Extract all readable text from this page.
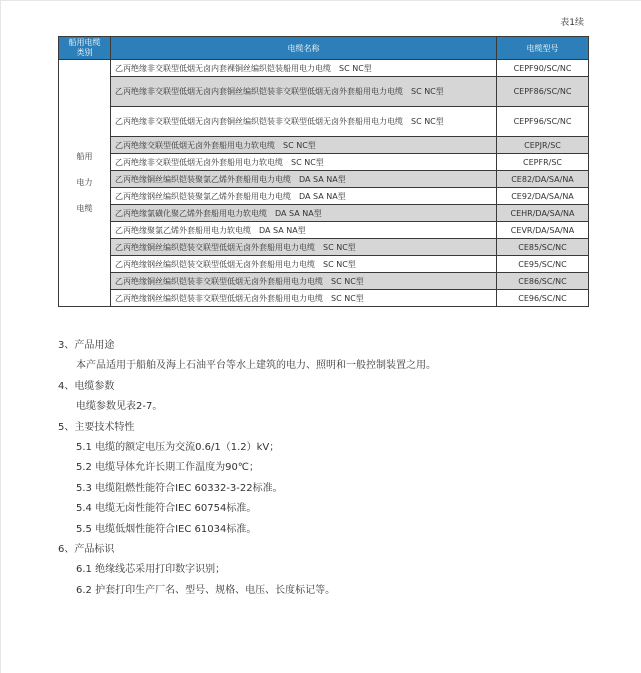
表1续
船用电缆
类别	电缆名称	电缆型号

船用
电力
电缆	乙丙绝缘非交联型低烟无卤内套裸铜丝编织铠装船用电力电缆　SC NC型	CEPF90/SC/NC
	乙丙绝缘非交联型低烟无卤内套铜丝编织铠装非交联型低烟无卤外套船用电力电缆　SC NC型	CEPF86/SC/NC
	乙丙绝缘非交联型低烟无卤内套铜丝编织铠装非交联型低烟无卤外套船用电力电缆　SC NC型	CEPF96/SC/NC
	乙丙绝缘交联型低烟无卤外套船用电力软电缆　SC NC型	CEPJR/SC
	乙丙绝缘非交联型低烟无卤外套船用电力软电缆　SC NC型	CEPFR/SC
	乙丙绝缘铜丝编织铠装聚氯乙烯外套船用电力电缆　DA SA NA型	CE82/DA/SA/NA
	乙丙绝缘钢丝编织铠装聚氯乙烯外套船用电力电缆　DA SA NA型	CE92/DA/SA/NA
	乙丙绝缘氯磺化聚乙烯外套船用电力软电缆　DA SA NA型	CEHR/DA/SA/NA
	乙丙绝缘聚氯乙烯外套船用电力软电缆　DA SA NA型	CEVR/DA/SA/NA
	乙丙绝缘铜丝编织铠装交联型低烟无卤外套船用电力电缆　SC NC型	CE85/SC/NC
	乙丙绝缘钢丝编织铠装交联型低烟无卤外套船用电力电缆　SC NC型	CE95/SC/NC
	乙丙绝缘铜丝编织铠装非交联型低烟无卤外套船用电力电缆　SC NC型	CE86/SC/NC
	乙丙绝缘钢丝编织铠装非交联型低烟无卤外套船用电力电缆　SC NC型	CE96/SC/NC
3、产品用途
本产品适用于船舶及海上石油平台等水上建筑的电力、照明和一般控制装置之用。
4、电缆参数
电缆参数见表2-7。
5、主要技术特性
5.1 电缆的额定电压为交流0.6/1（1.2）kV；
5.2 电缆导体允许长期工作温度为90℃；
5.3 电缆阻燃性能符合IEC 60332-3-22标准。
5.4 电缆无卤性能符合IEC 60754标准。
5.5 电缆低烟性能符合IEC 61034标准。
6、产品标识
6.1 绝缘线芯采用打印数字识别；
6.2 护套打印生产厂名、型号、规格、电压、长度标记等。
